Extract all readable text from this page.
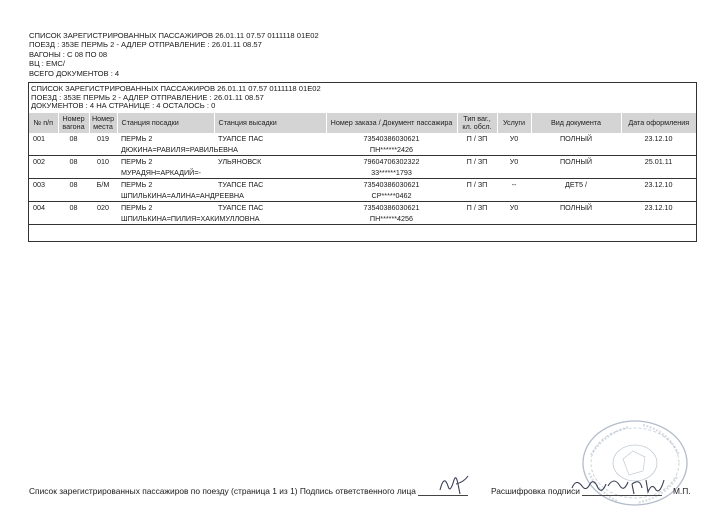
СПИСОК ЗАРЕГИСТРИРОВАННЫХ ПАССАЖИРОВ 26.01.11 07.57 0111118 01Е02
ПОЕЗД : 353Е ПЕРМЬ 2 - АДЛЕР ОТПРАВЛЕНИЕ : 26.01.11 08.57
ВАГОНЫ : С 08 ПО 08
ВЦ : ЕМС/
ВСЕГО ДОКУМЕНТОВ : 4
СПИСОК ЗАРЕГИСТРИРОВАННЫХ ПАССАЖИРОВ 26.01.11 07.57 0111118 01Е02
ПОЕЗД : 353Е ПЕРМЬ 2 - АДЛЕР ОТПРАВЛЕНИЕ : 26.01.11 08.57
ДОКУМЕНТОВ : 4 НА СТРАНИЦЕ : 4 ОСТАЛОСЬ : 0
№ п/п	Номер вагона	Номер места	Станция посадки	Станция высадки	Номер заказа / Документ пассажира	Тип ваг., кл. обсл.	Услуги	Вид документа	Дата оформления
001	08	019	ПЕРМЬ 2	ТУАПСЕ ПАС	73540386030621	П / ЗП	У0	ПОЛНЫЙ	23.12.10
			ДЮКИНА=РАВИЛЯ=РАВИЛЬЕВНА		ПН******2426				
002	08	010	ПЕРМЬ 2	УЛЬЯНОВСК	79604706302322	П / ЗП	У0	ПОЛНЫЙ	25.01.11
			МУРАДЯН=АРКАДИЙ=-		33******1793				
003	08	Б/М	ПЕРМЬ 2	ТУАПСЕ ПАС	73540386030621	П / ЗП	--	ДЕТ5 /	23.12.10
			ШПИЛЬКИНА=АЛИНА=АНДРЕЕВНА		СР*****0462				
004	08	020	ПЕРМЬ 2	ТУАПСЕ ПАС	73540386030621	П / ЗП	У0	ПОЛНЫЙ	23.12.10
			ШПИЛЬКИНА=ПИЛИЯ=ХАКИМУЛЛОВНА		ПН******4256				
Список зарегистрированных пассажиров по поезду (страница 1 из 1) Подпись ответственного лица	Расшифровка подписи	М.П.
